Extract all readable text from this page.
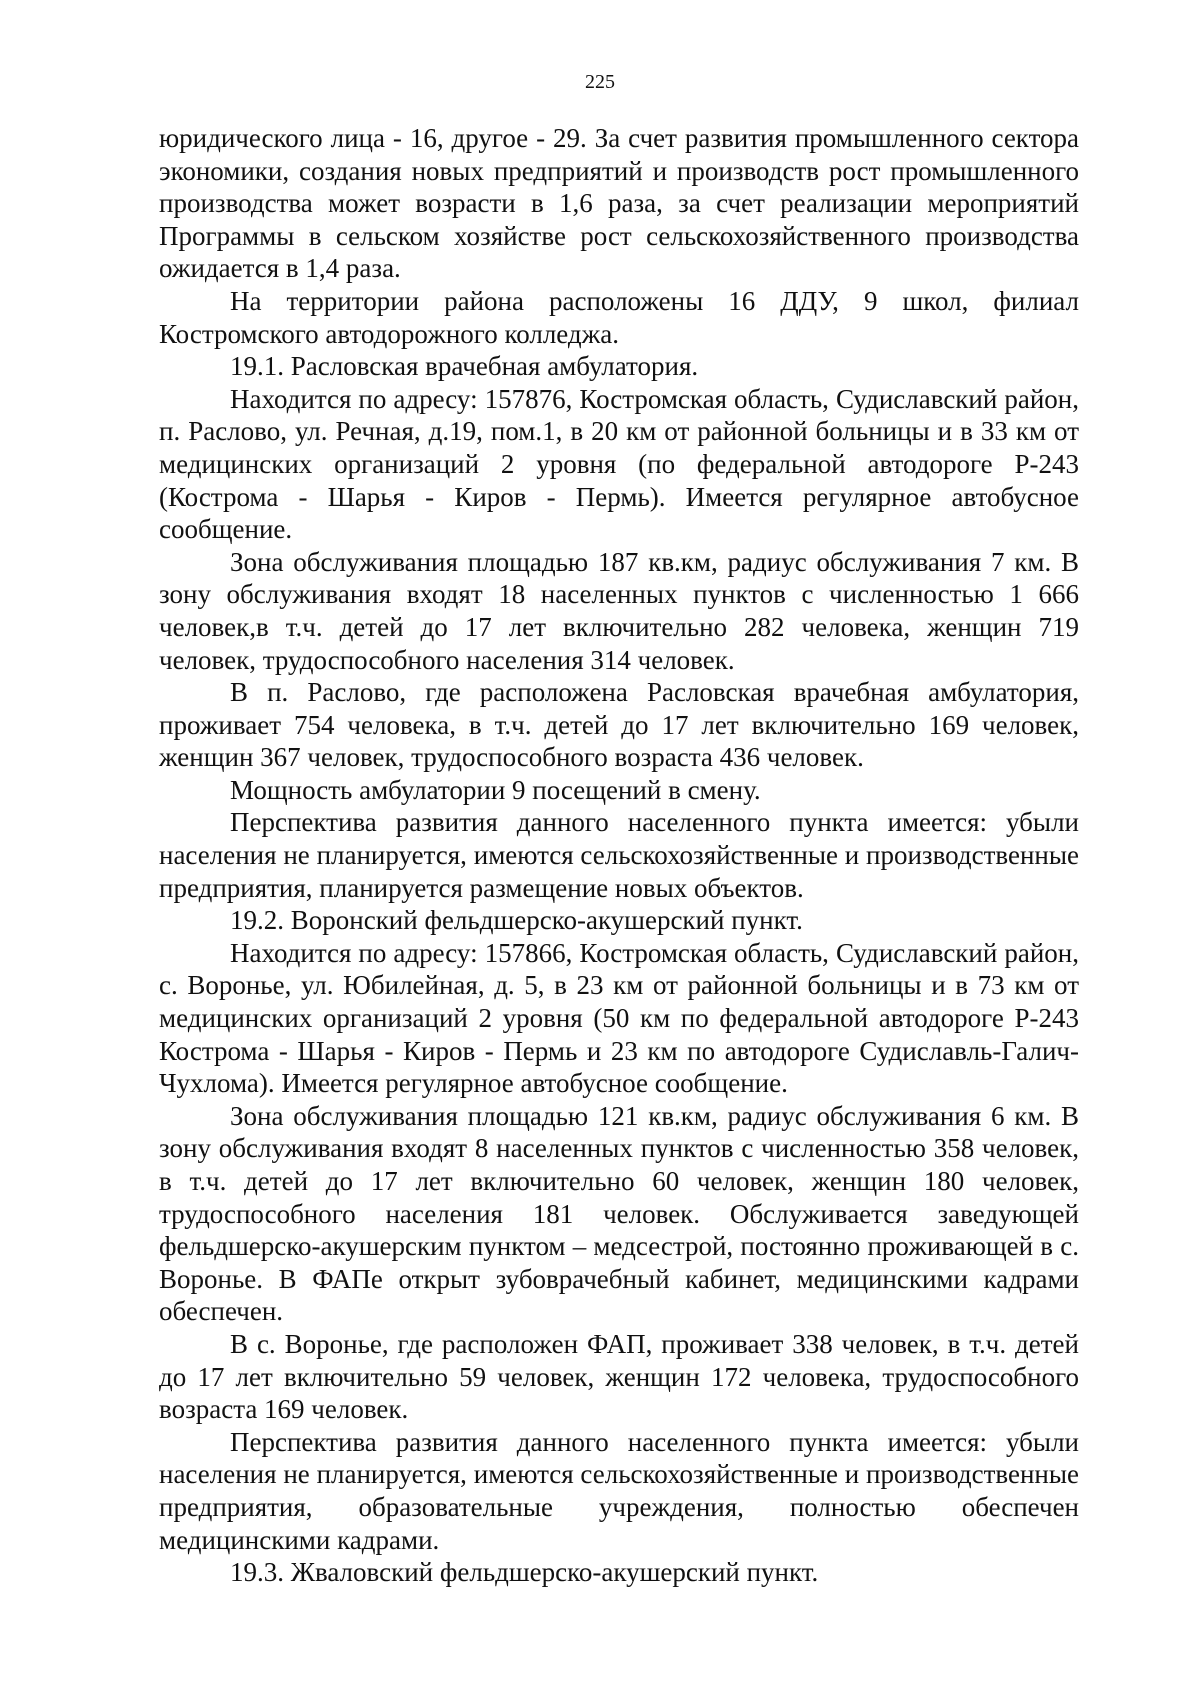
225

юридического лица - 16, другое - 29. За счет развития промышленного сектора экономики, создания новых предприятий и производств рост промышленного производства может возрасти в 1,6 раза, за счет реализации мероприятий Программы в сельском хозяйстве рост сельскохозяйственного производства ожидается в 1,4 раза.

На территории района расположены 16 ДДУ, 9 школ, филиал Костромского автодорожного колледжа.

19.1. Расловская врачебная амбулатория.

Находится по адресу: 157876, Костромская область, Судиславский район, п. Раслово, ул. Речная, д.19, пом.1, в 20 км от районной больницы и в 33 км от медицинских организаций 2 уровня (по федеральной автодороге Р-243 (Кострома - Шарья - Киров - Пермь). Имеется регулярное автобусное сообщение.

Зона обслуживания площадью 187 кв.км, радиус обслуживания 7 км. В зону обслуживания входят 18 населенных пунктов с численностью 1 666 человек,в т.ч. детей до 17 лет включительно 282 человека, женщин 719 человек, трудоспособного населения 314 человек.

В п. Раслово, где расположена Расловская врачебная амбулатория, проживает 754 человека, в т.ч. детей до 17 лет включительно 169 человек, женщин 367 человек, трудоспособного возраста 436 человек.

Мощность амбулатории 9 посещений в смену.

Перспектива развития данного населенного пункта имеется: убыли населения не планируется, имеются сельскохозяйственные и производственные предприятия, планируется размещение новых объектов.

19.2. Воронский фельдшерско-акушерский пункт.

Находится по адресу: 157866, Костромская область, Судиславский район, с. Воронье, ул. Юбилейная, д. 5, в 23 км от районной больницы и в 73 км от медицинских организаций 2 уровня (50 км по федеральной автодороге Р-243 Кострома - Шарья - Киров - Пермь и 23 км по автодороге Судиславль-Галич-Чухлома). Имеется регулярное автобусное сообщение.

Зона обслуживания площадью 121 кв.км, радиус обслуживания 6 км. В зону обслуживания входят 8 населенных пунктов с численностью 358 человек, в т.ч. детей до 17 лет включительно 60 человек, женщин 180 человек, трудоспособного населения 181 человек. Обслуживается заведующей фельдшерско-акушерским пунктом – медсестрой, постоянно проживающей в с. Воронье. В ФАПе открыт зубоврачебный кабинет, медицинскими кадрами обеспечен.

В с. Воронье, где расположен ФАП, проживает 338 человек, в т.ч. детей до 17 лет включительно 59 человек, женщин 172 человека, трудоспособного возраста 169 человек.

Перспектива развития данного населенного пункта имеется: убыли населения не планируется, имеются сельскохозяйственные и производственные предприятия, образовательные учреждения, полностью обеспечен медицинскими кадрами.

19.3. Жваловский фельдшерско-акушерский пункт.
